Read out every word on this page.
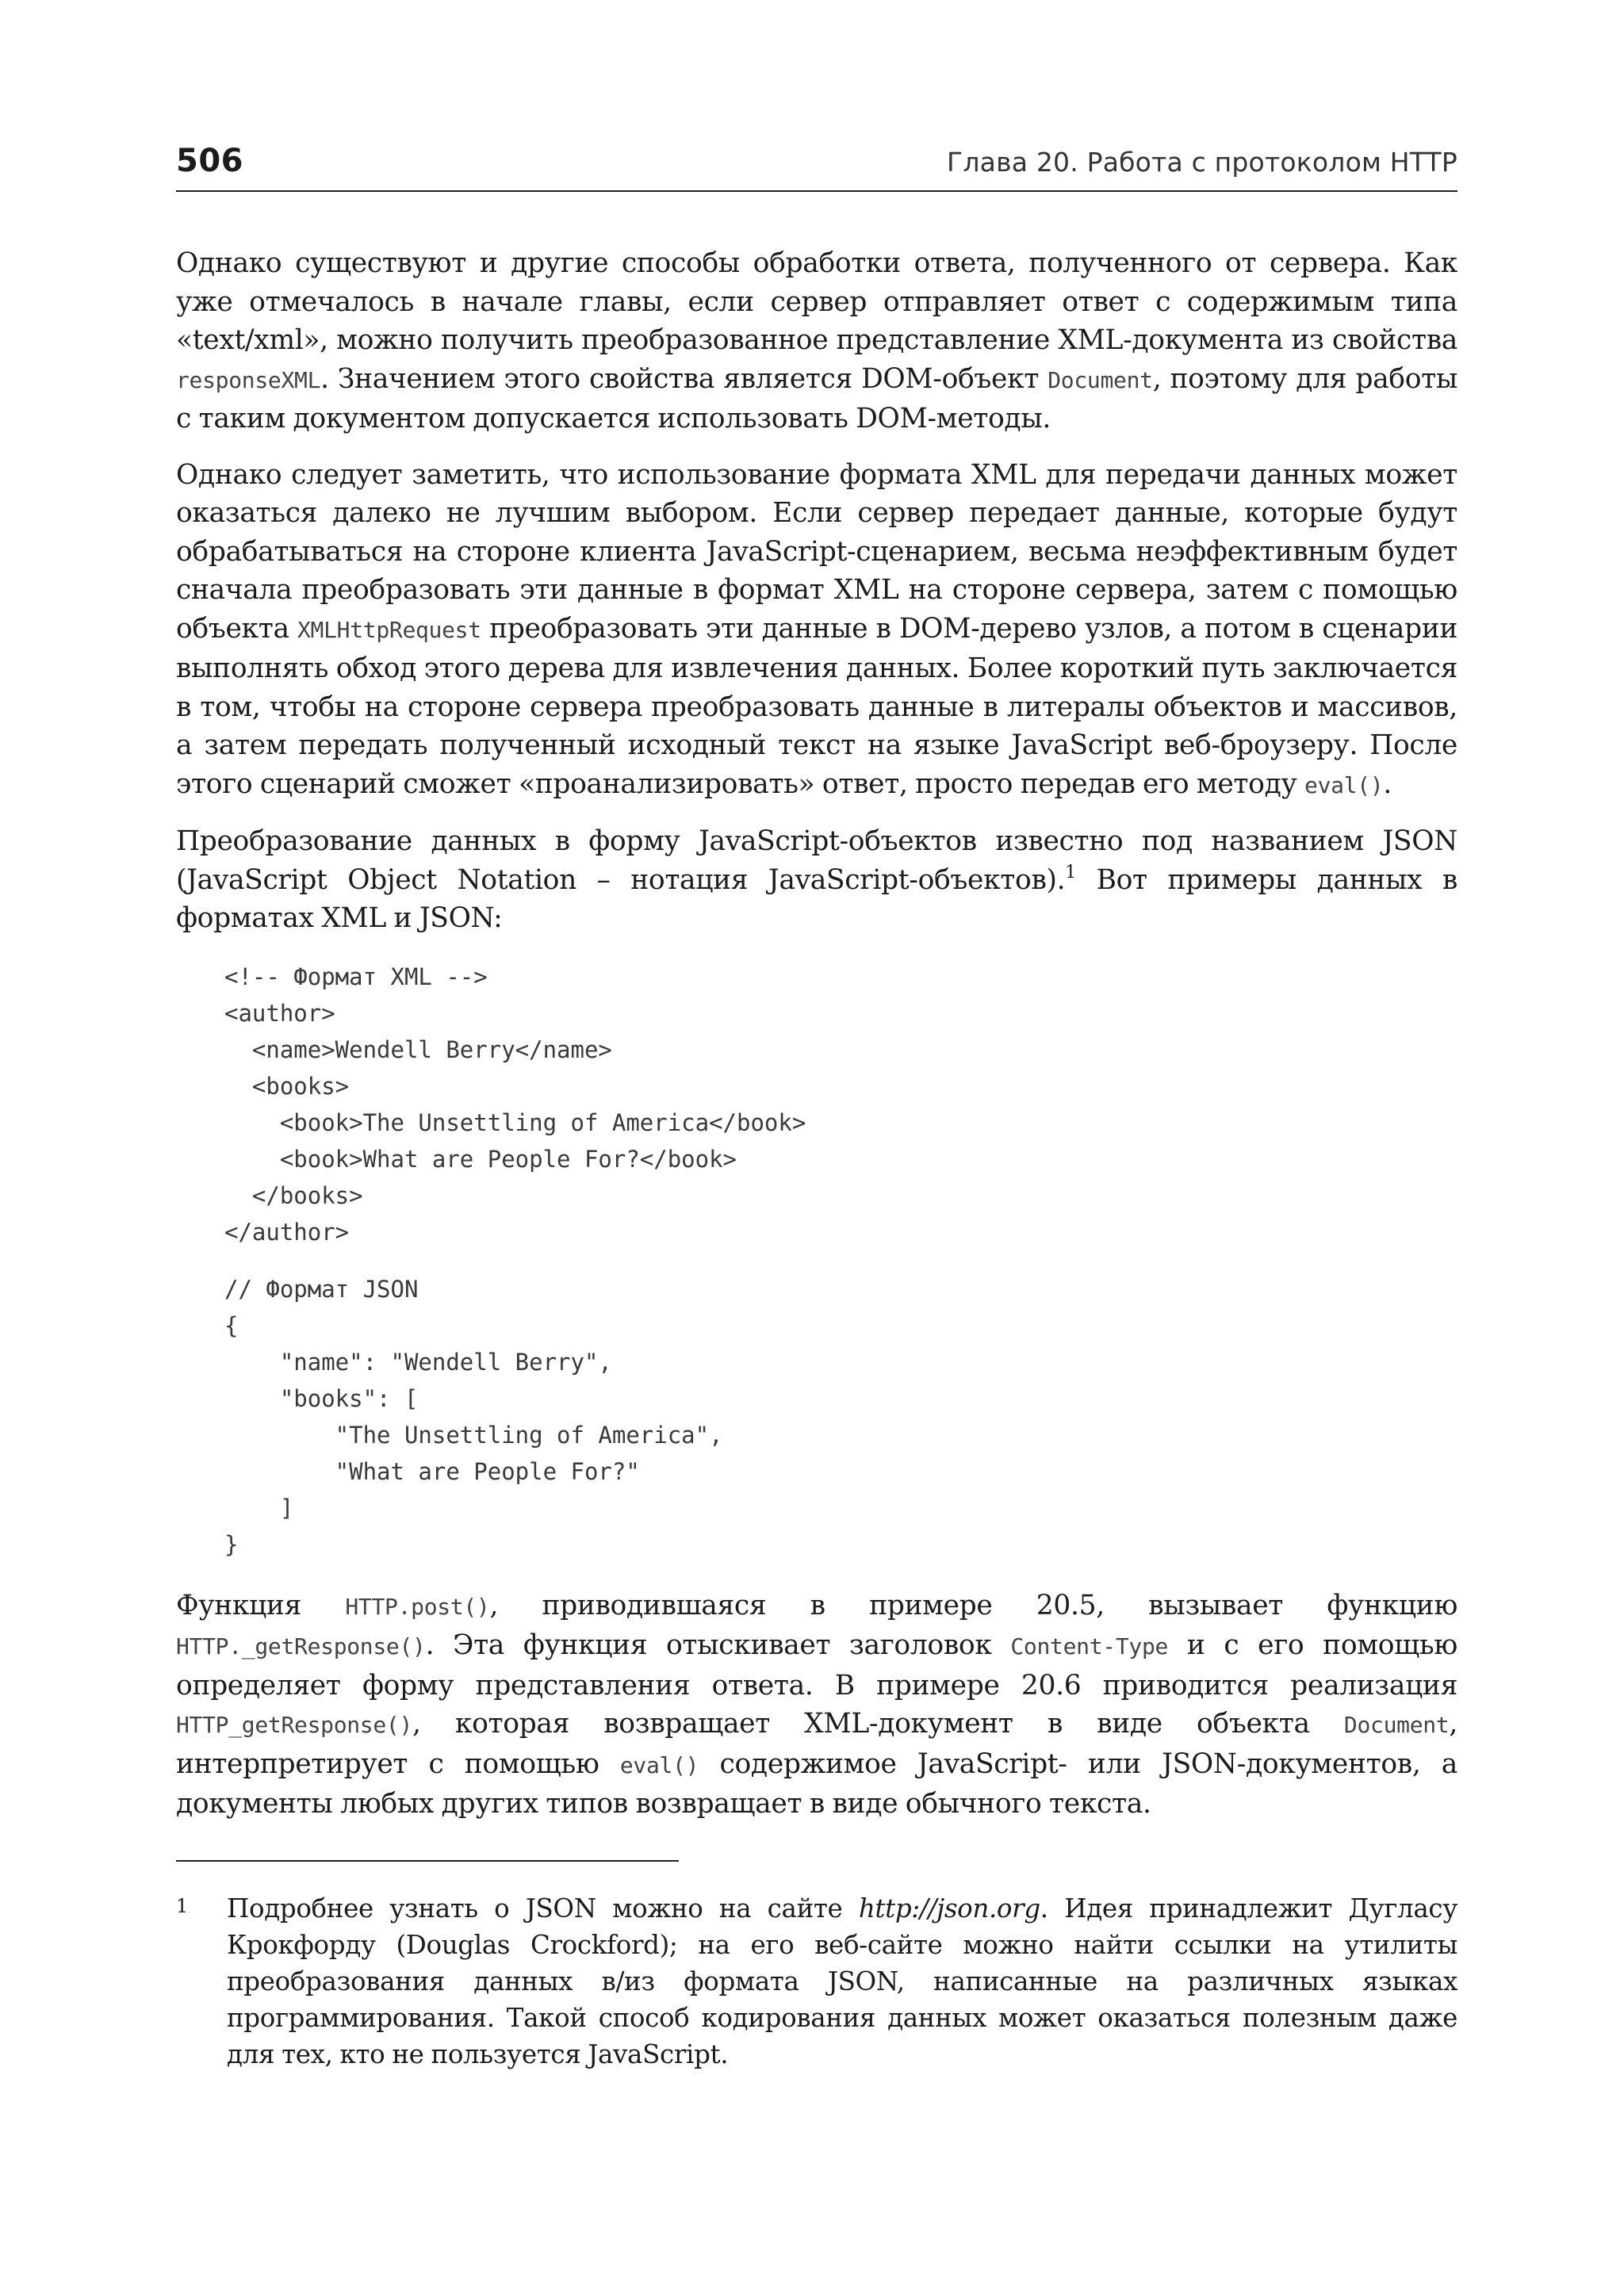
506	Глава 20. Работа с протоколом HTTP

Однако существуют и другие способы обработки ответа, полученного от сервера. Как уже отмечалось в начале главы, если сервер отправляет ответ с содержимым типа «text/xml», можно получить преобразованное представление XML-документа из свойства responseXML. Значением этого свойства является DOM-объект Document, поэтому для работы с таким документом допускается использовать DOM-методы.

Однако следует заметить, что использование формата XML для передачи данных может оказаться далеко не лучшим выбором. Если сервер передает данные, которые будут обрабатываться на стороне клиента JavaScript-сценарием, весьма неэффективным будет сначала преобразовать эти данные в формат XML на стороне сервера, затем с помощью объекта XMLHttpRequest преобразовать эти данные в DOM-дерево узлов, а потом в сценарии выполнять обход этого дерева для извлечения данных. Более короткий путь заключается в том, чтобы на стороне сервера преобразовать данные в литералы объектов и массивов, а затем передать полученный исходный текст на языке JavaScript веб-броузеру. После этого сценарий сможет «проанализировать» ответ, просто передав его методу eval().

Преобразование данных в форму JavaScript-объектов известно под названием JSON (JavaScript Object Notation – нотация JavaScript-объектов).$^1$ Вот примеры данных в форматах XML и JSON:

<!-- Формат XML -->
<author>
<name>Wendell Berry</name>
<books>
<book>The Unsettling of America</book>
<book>What are People For?</book>
</books>
</author>
// Формат JSON
{
"name": "Wendell Berry",
"books": [
"The Unsettling of America",
"What are People For?"
]
}

Функция HTTP.post(), приводившаяся в примере 20.5, вызывает функцию HTTP._getResponse(). Эта функция отыскивает заголовок Content-Type и с его помощью определяет форму представления ответа. В примере 20.6 приводится реализация HTTP_getResponse(), которая возвращает XML-документ в виде объекта Document, интерпретирует с помощью eval() содержимое JavaScript- или JSON-документов, а документы любых других типов возвращает в виде обычного текста.

1	Подробнее узнать о JSON можно на сайте http://json.org. Идея принадлежит Дугласу Крокфорду (Douglas Crockford); на его веб-сайте можно найти ссылки на утилиты преобразования данных в/из формата JSON, написанные на различных языках программирования. Такой способ кодирования данных может оказаться полезным даже для тех, кто не пользуется JavaScript.
